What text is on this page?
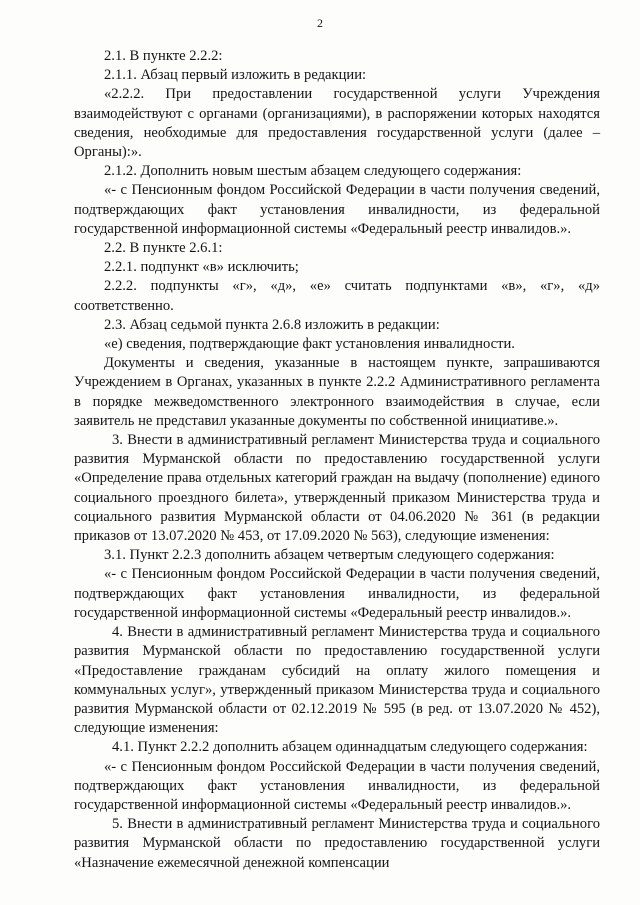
2

2.1. В пункте 2.2.2:

2.1.1. Абзац первый изложить в редакции:

«2.2.2. При предоставлении государственной услуги Учреждения взаимодействуют с органами (организациями), в распоряжении которых находятся сведения, необходимые для предоставления государственной услуги (далее – Органы):».

2.1.2. Дополнить новым шестым абзацем следующего содержания:

«- с Пенсионным фондом Российской Федерации в части получения сведений, подтверждающих факт установления инвалидности, из федеральной государственной информационной системы «Федеральный реестр инвалидов.».

2.2. В пункте 2.6.1:

2.2.1. подпункт «в» исключить;

2.2.2. подпункты «г», «д», «е» считать подпунктами «в», «г», «д» соответственно.

2.3. Абзац седьмой пункта 2.6.8 изложить в редакции:

«е) сведения, подтверждающие факт установления инвалидности.

Документы и сведения, указанные в настоящем пункте, запрашиваются Учреждением в Органах, указанных в пункте 2.2.2 Административного регламента в порядке межведомственного электронного взаимодействия в случае, если заявитель не представил указанные документы по собственной инициативе.».

3. Внести в административный регламент Министерства труда и социального развития Мурманской области по предоставлению государственной услуги «Определение права отдельных категорий граждан на выдачу (пополнение) единого социального проездного билета», утвержденный приказом Министерства труда и социального развития Мурманской области от 04.06.2020 № 361 (в редакции приказов от 13.07.2020 № 453, от 17.09.2020 № 563), следующие изменения:

3.1. Пункт 2.2.3 дополнить абзацем четвертым следующего содержания:

«- с Пенсионным фондом Российской Федерации в части получения сведений, подтверждающих факт установления инвалидности, из федеральной государственной информационной системы «Федеральный реестр инвалидов.».

4. Внести в административный регламент Министерства труда и социального развития Мурманской области по предоставлению государственной услуги «Предоставление гражданам субсидий на оплату жилого помещения и коммунальных услуг», утвержденный приказом Министерства труда и социального развития Мурманской области от 02.12.2019 № 595 (в ред. от 13.07.2020 № 452), следующие изменения:

4.1. Пункт 2.2.2 дополнить абзацем одиннадцатым следующего содержания:

«- с Пенсионным фондом Российской Федерации в части получения сведений, подтверждающих факт установления инвалидности, из федеральной государственной информационной системы «Федеральный реестр инвалидов.».

5. Внести в административный регламент Министерства труда и социального развития Мурманской области по предоставлению государственной услуги «Назначение ежемесячной денежной компенсации
